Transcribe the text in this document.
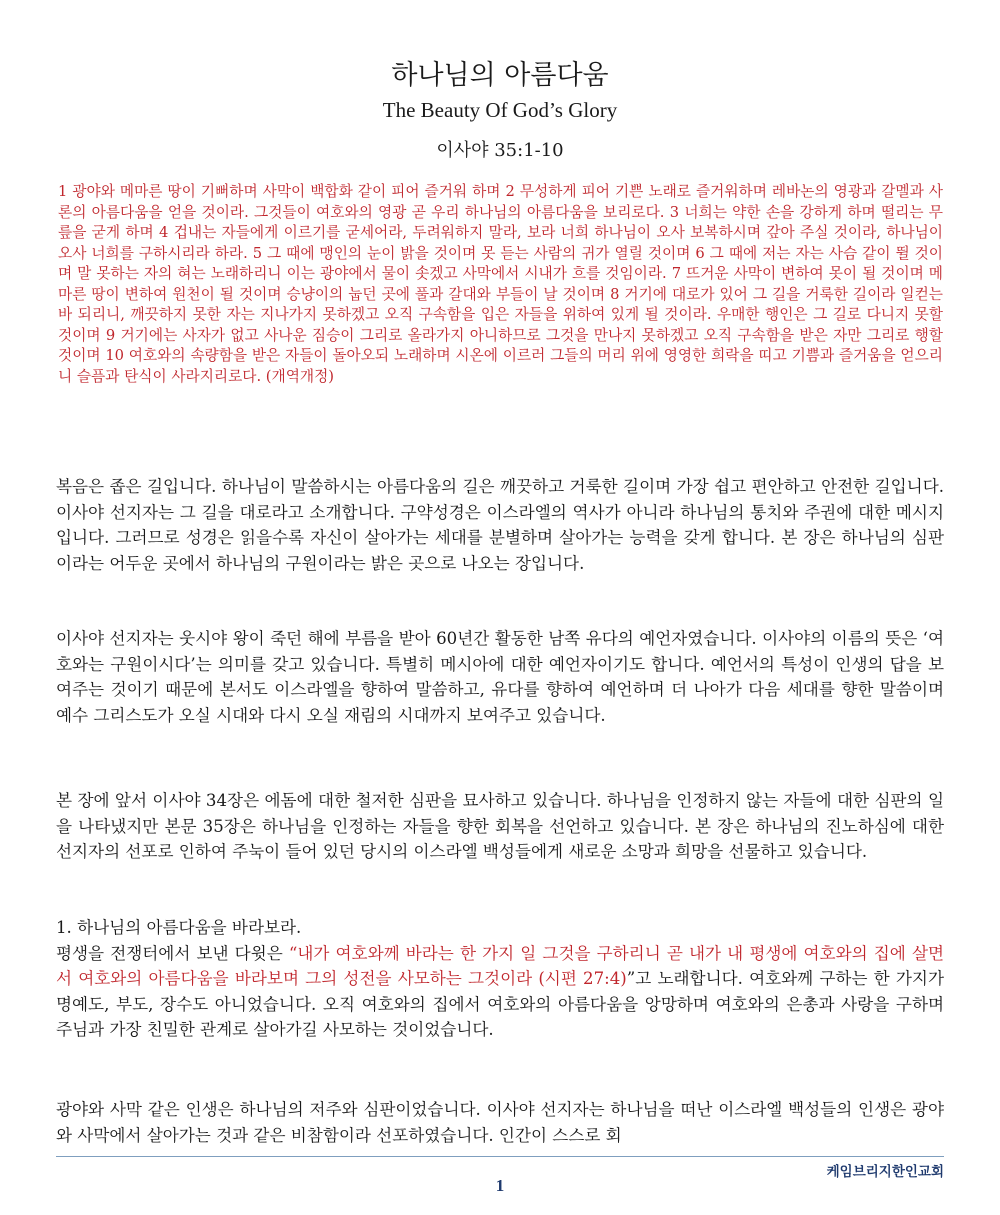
하나님의 아름다움
The Beauty Of God’s Glory
이사야 35:1-10
1 광야와 메마른 땅이 기뻐하며 사막이 백합화 같이 피어 즐거워 하며 2 무성하게 피어 기쁜 노래로 즐거워하며 레바논의 영광과 갈멜과 사론의 아름다움을 얻을 것이라. 그것들이 여호와의 영광 곧 우리 하나님의 아름다움을 보리로다. 3 너희는 약한 손을 강하게 하며 떨리는 무릎을 굳게 하며 4 겁내는 자들에게 이르기를 굳세어라, 두려워하지 말라, 보라 너희 하나님이 오사 보복하시며 갚아 주실 것이라, 하나님이 오사 너희를 구하시리라 하라. 5 그 때에 맹인의 눈이 밝을 것이며 못 듣는 사람의 귀가 열릴 것이며 6 그 때에 저는 자는 사슴 같이 뛸 것이며 말 못하는 자의 혀는 노래하리니 이는 광야에서 물이 솟겠고 사막에서 시내가 흐를 것임이라. 7 뜨거운 사막이 변하여 못이 될 것이며 메마른 땅이 변하여 원천이 될 것이며 승냥이의 눕던 곳에 풀과 갈대와 부들이 날 것이며 8 거기에 대로가 있어 그 길을 거룩한 길이라 일컫는 바 되리니, 깨끗하지 못한 자는 지나가지 못하겠고 오직 구속함을 입은 자들을 위하여 있게 될 것이라. 우매한 행인은 그 길로 다니지 못할 것이며 9 거기에는 사자가 없고 사나운 짐승이 그리로 올라가지 아니하므로 그것을 만나지 못하겠고 오직 구속함을 받은 자만 그리로 행할 것이며 10 여호와의 속량함을 받은 자들이 돌아오되 노래하며 시온에 이르러 그들의 머리 위에 영영한 희락을 띠고 기쁨과 즐거움을 얻으리니 슬픔과 탄식이 사라지리로다. (개역개정)
복음은 좁은 길입니다. 하나님이 말씀하시는 아름다움의 길은 깨끗하고 거룩한 길이며 가장 쉽고 편안하고 안전한 길입니다. 이사야 선지자는 그 길을 대로라고 소개합니다. 구약성경은 이스라엘의 역사가 아니라 하나님의 통치와 주권에 대한 메시지입니다. 그러므로 성경은 읽을수록 자신이 살아가는 세대를 분별하며 살아가는 능력을 갖게 합니다. 본 장은 하나님의 심판이라는 어두운 곳에서 하나님의 구원이라는 밝은 곳으로 나오는 장입니다.
이사야 선지자는 웃시야 왕이 죽던 해에 부름을 받아 60년간 활동한 남쪽 유다의 예언자였습니다. 이사야의 이름의 뜻은 ‘여호와는 구원이시다’는 의미를 갖고 있습니다. 특별히 메시아에 대한 예언자이기도 합니다. 예언서의 특성이 인생의 답을 보여주는 것이기 때문에 본서도 이스라엘을 향하여 말씀하고, 유다를 향하여 예언하며 더 나아가 다음 세대를 향한 말씀이며 예수 그리스도가 오실 시대와 다시 오실 재림의 시대까지 보여주고 있습니다.
본 장에 앞서 이사야 34장은 에돔에 대한 철저한 심판을 묘사하고 있습니다. 하나님을 인정하지 않는 자들에 대한 심판의 일을 나타냈지만 본문 35장은 하나님을 인정하는 자들을 향한 회복을 선언하고 있습니다. 본 장은 하나님의 진노하심에 대한 선지자의 선포로 인하여 주눅이 들어 있던 당시의 이스라엘 백성들에게 새로운 소망과 희망을 선물하고 있습니다.
1. 하나님의 아름다움을 바라보라.
평생을 전쟁터에서 보낸 다윗은 “내가 여호와께 바라는 한 가지 일 그것을 구하리니 곧 내가 내 평생에 여호와의 집에 살면서 여호와의 아름다움을 바라보며 그의 성전을 사모하는 그것이라 (시편 27:4)”고 노래합니다. 여호와께 구하는 한 가지가 명예도, 부도, 장수도 아니었습니다. 오직 여호와의 집에서 여호와의 아름다움을 앙망하며 여호와의 은총과 사랑을 구하며 주님과 가장 친밀한 관계로 살아가길 사모하는 것이었습니다.
광야와 사막 같은 인생은 하나님의 저주와 심판이었습니다. 이사야 선지자는 하나님을 떠난 이스라엘 백성들의 인생은 광야와 사막에서 살아가는 것과 같은 비참함이라 선포하였습니다. 인간이 스스로 회
케임브리지한인교회
1
